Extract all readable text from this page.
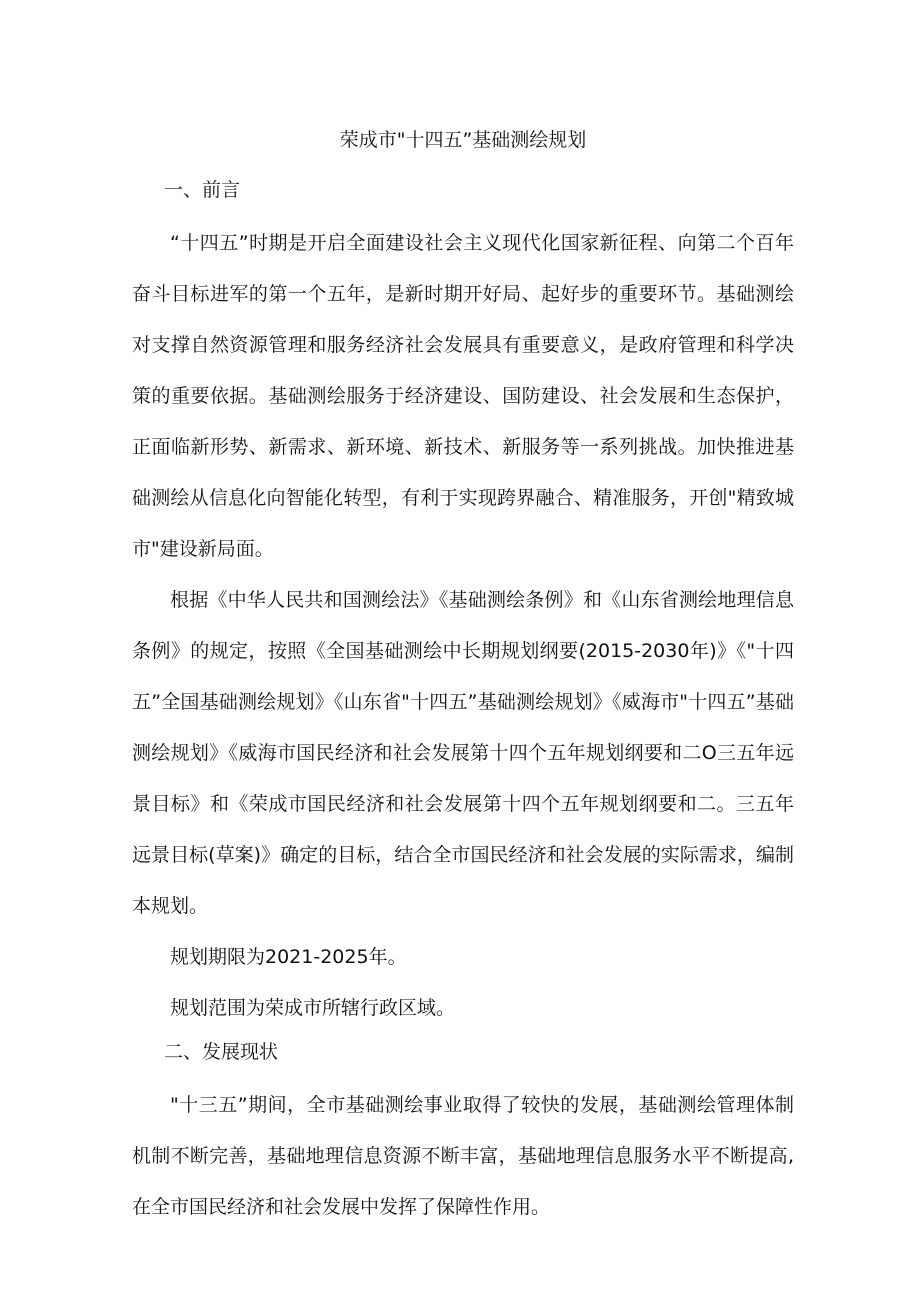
荣成市"十四五”基础测绘规划
一、前言

“十四五”时期是开启全面建设社会主义现代化国家新征程、向第二个百年奋斗目标进军的第一个五年，是新时期开好局、起好步的重要环节。基础测绘对支撑自然资源管理和服务经济社会发展具有重要意义，是政府管理和科学决策的重要依据。基础测绘服务于经济建设、国防建设、社会发展和生态保护，正面临新形势、新需求、新环境、新技术、新服务等一系列挑战。加快推进基础测绘从信息化向智能化转型，有利于实现跨界融合、精准服务，开创"精致城市"建设新局面。

根据《中华人民共和国测绘法》《基础测绘条例》和《山东省测绘地理信息条例》的规定，按照《全国基础测绘中长期规划纲要(2015-2030年)》《"十四五”全国基础测绘规划》《山东省"十四五”基础测绘规划》《威海市"十四五”基础测绘规划》《威海市国民经济和社会发展第十四个五年规划纲要和二O三五年远景目标》和《荣成市国民经济和社会发展第十四个五年规划纲要和二。三五年远景目标(草案)》确定的目标，结合全市国民经济和社会发展的实际需求，编制本规划。

规划期限为2021-2025年。

规划范围为荣成市所辖行政区域。

二、发展现状

"十三五”期间，全市基础测绘事业取得了较快的发展，基础测绘管理体制机制不断完善，基础地理信息资源不断丰富，基础地理信息服务水平不断提高,在全市国民经济和社会发展中发挥了保障性作用。
